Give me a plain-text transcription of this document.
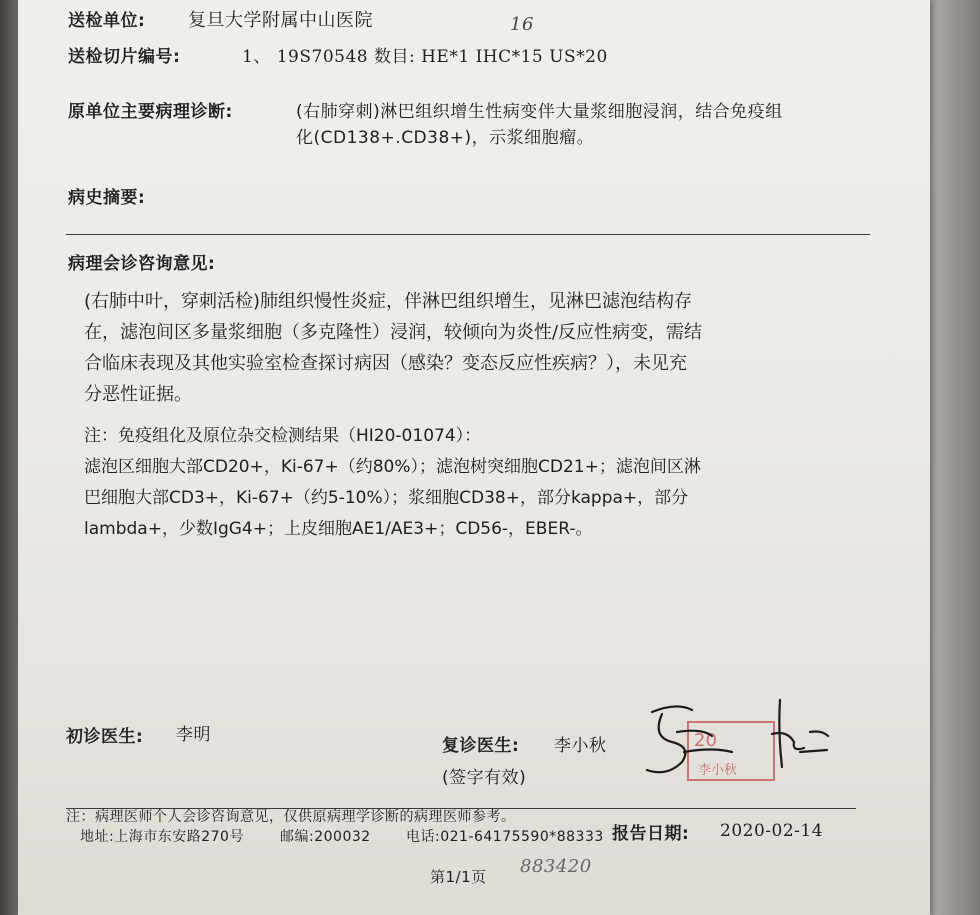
送检单位: 复旦大学附属中山医院
送检切片编号:	1、 19S70548 数目: HE*1 IHC*15 US*20
16
原单位主要病理诊断:	(右肺穿刺)淋巴组织增生性病变伴大量浆细胞浸润，结合免疫组
化(CD138+.CD38+)，示浆细胞瘤。
病史摘要:
病理会诊咨询意见:
(右肺中叶，穿刺活检)肺组织慢性炎症，伴淋巴组织增生，见淋巴滤泡结构存
在，滤泡间区多量浆细胞（多克隆性）浸润，较倾向为炎性/反应性病变，需结
合临床表现及其他实验室检查探讨病因（感染？变态反应性疾病？），未见充
分恶性证据。
注：免疫组化及原位杂交检测结果（HI20-01074）：
滤泡区细胞大部CD20+，Ki-67+（约80%）；滤泡树突细胞CD21+；滤泡间区淋
巴细胞大部CD3+，Ki-67+（约5-10%）；浆细胞CD38+，部分kappa+，部分
lambda+，少数IgG4+；上皮细胞AE1/AE3+；CD56-，EBER-。
初诊医生: 李明
复诊医生: 李小秋
(签字有效)
20
李小秋
注：病理医师个人会诊咨询意见，仅供原病理学诊断的病理医师参考。
地址:上海市东安路270号	邮编:200032	电话:021-64175590*88333 报告日期: 2020-02-14
第1/1页 883420
